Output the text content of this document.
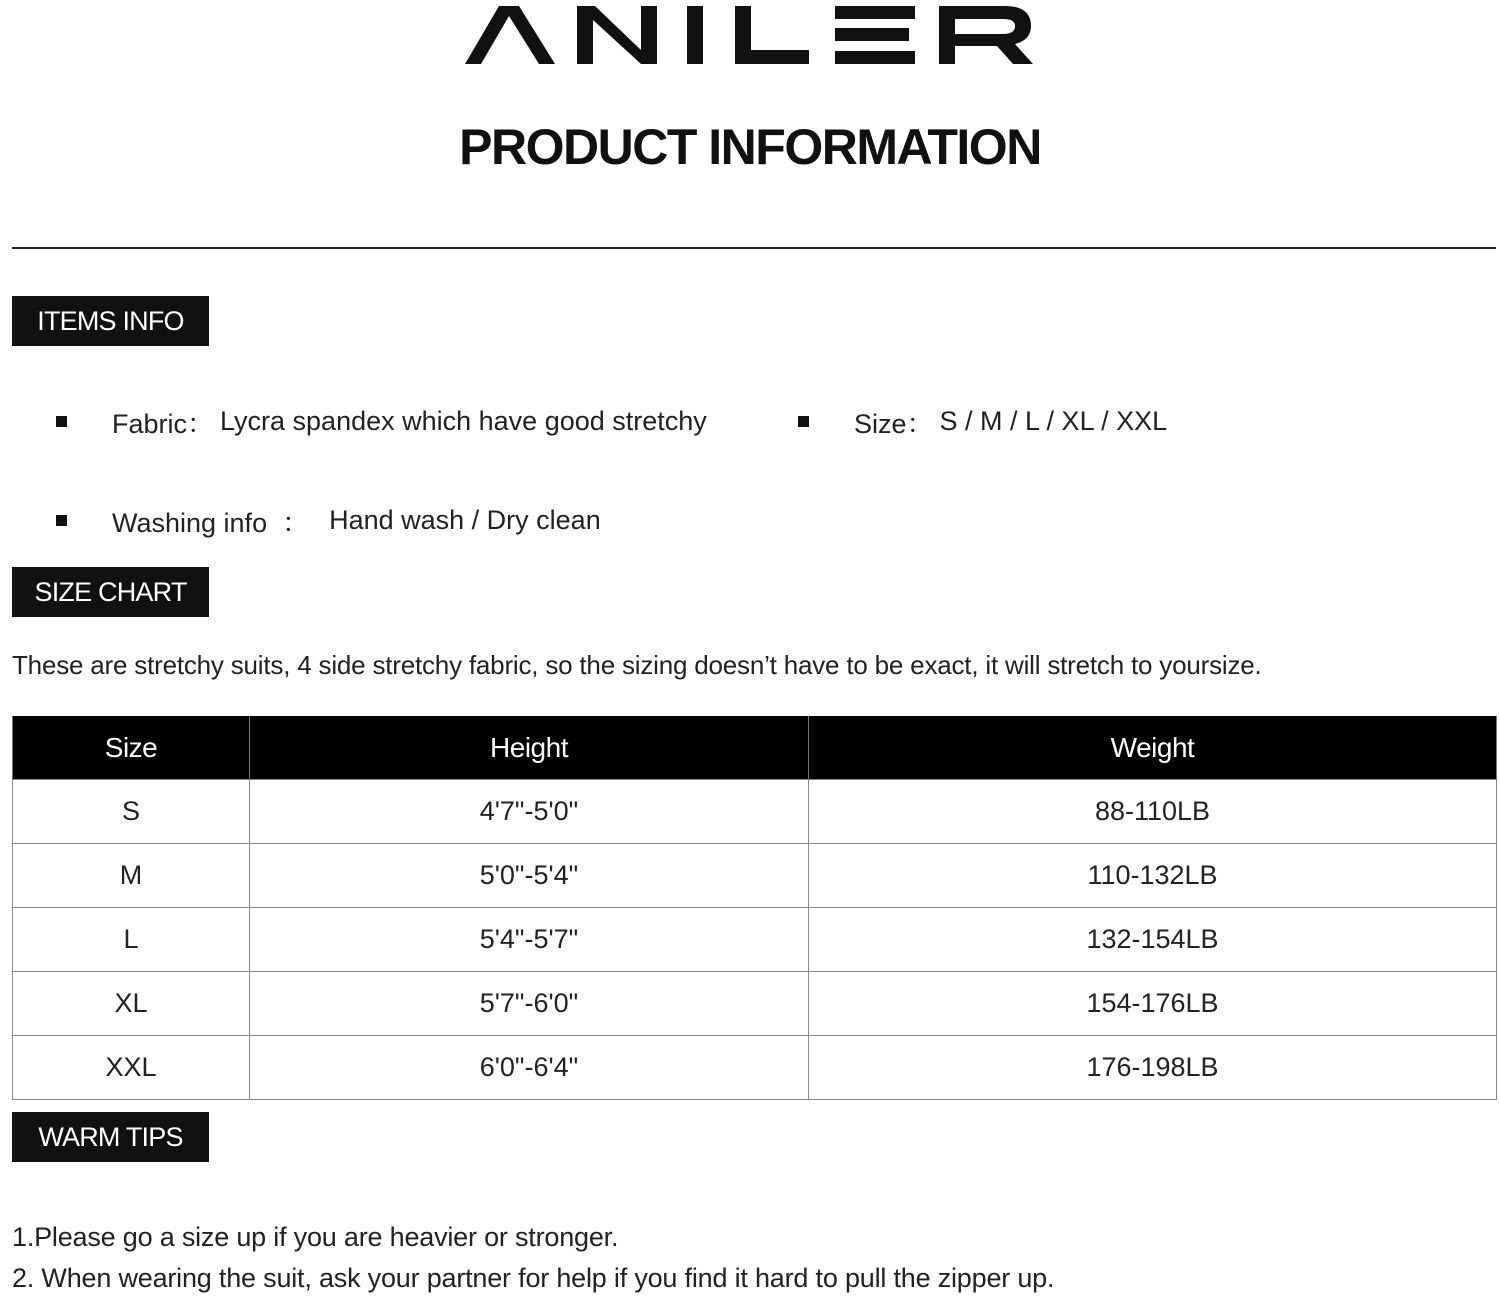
PRODUCT INFORMATION
ITEMS INFO
Fabric： Lycra spandex which have good stretchy	Size： S / M / L / XL / XXL
Washing info  ： Hand wash / Dry clean
SIZE CHART
These are stretchy suits, 4 side stretchy fabric, so the sizing doesn’t have to be exact, it will stretch to yoursize.
Size	Height	Weight
S	4'7"-5'0"	88-110LB
M	5'0"-5'4"	110-132LB
L	5'4"-5'7"	132-154LB
XL	5'7"-6'0"	154-176LB
XXL	6'0"-6'4"	176-198LB
WARM TIPS
1.Please go a size up if you are heavier or stronger.
2. When wearing the suit, ask your partner for help if you find it hard to pull the zipper up.
